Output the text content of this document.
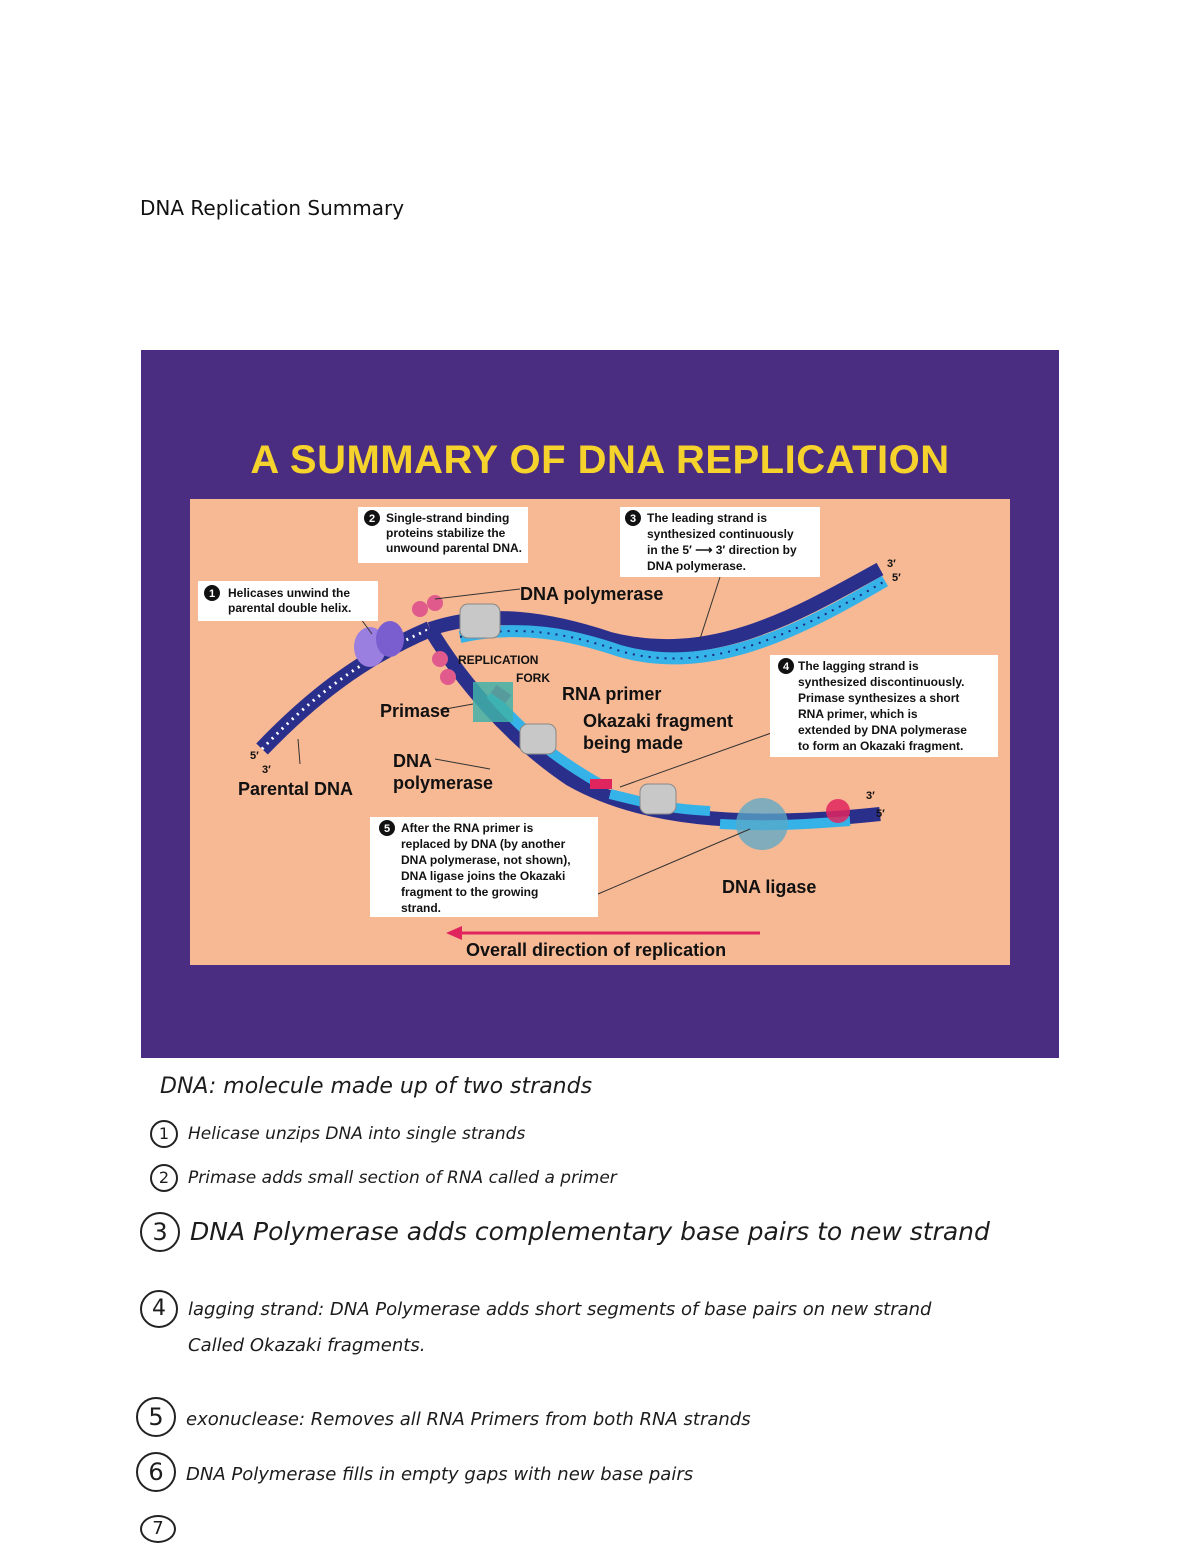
DNA Replication Summary
A SUMMARY OF DNA REPLICATION
5′
3′
3′
5′
3′
5′
DNA polymerase
REPLICATION
FORK
RNA primer
Primase	Okazaki fragment
being made
DNA
polymerase
Parental DNA
DNA ligase
Overall direction of replication
1 Helicases unwind the
parental double helix.
2 Single-strand binding
proteins stabilize the
unwound parental DNA.
3 The leading strand is
synthesized continuously
in the 5′ ⟶ 3′ direction by
DNA polymerase.
4 The lagging strand is
synthesized discontinuously.
Primase synthesizes a short
RNA primer, which is
extended by DNA polymerase
to form an Okazaki fragment.
5 After the RNA primer is
replaced by DNA (by another
DNA polymerase, not shown),
DNA ligase joins the Okazaki
fragment to the growing
strand.
DNA: molecule made up of two strands
1 Helicase unzips DNA into single strands
2 Primase adds small section of RNA called a primer
3 DNA Polymerase adds complementary base pairs to new strand
4 lagging strand: DNA Polymerase adds short segments of base pairs on new strand
Called Okazaki fragments.
5 exonuclease: Removes all RNA Primers from both RNA strands
6 DNA Polymerase fills in empty gaps with new base pairs
7
